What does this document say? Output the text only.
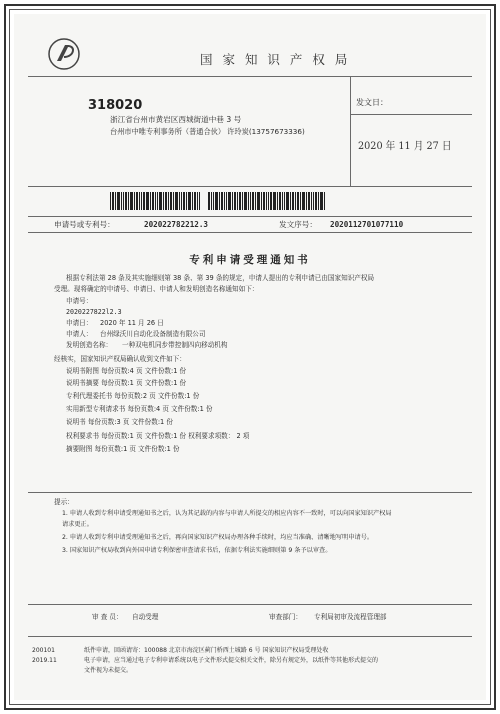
国 家 知 识 产 权 局
318020
浙江省台州市黄岩区西城街道中巷 3 号
台州市中唯专利事务所（普通合伙） 许玲炭(13757673336)
发文日：
2020 年 11 月 27 日
申请号或专利号：	202022782212.3	发文序号： 2020112701077110
专利申请受理通知书
根据专利法第 28 条及其实施细则第 38 条、第 39 条的规定，申请人提出的专利申请已由国家知识产权局
受理。现将确定的申请号、申请日、申请人和发明创造名称通知如下：
申请号：
2020227822l2.3
申请日： 2020 年 11 月 26 日
申请人： 台州绿沃川自动化设备制造有限公司
发明创造名称： 一种双电机同步带控制四向移动机构
经核实，国家知识产权局确认收到文件如下：
说明书附图 每份页数:4 页 文件份数:1 份
说明书摘要 每份页数:1 页 文件份数:1 份
专利代理委托书 每份页数:2 页 文件份数:1 份
实用新型专利请求书 每份页数:4 页 文件份数:1 份
说明书 每份页数:3 页 文件份数:1 份
权利要求书 每份页数:1 页 文件份数:1 份 权利要求项数： 2 项
摘要附图 每份页数:1 页 文件份数:1 份
提示：
1. 申请人收到专利申请受理通知书之后，认为其记载的内容与申请人所提交的相应内容不一致时，可以向国家知识产权局
请求更正。
2. 申请人收到专利申请受理通知书之后，再向国家知识产权局办理各种手续时，均应当准确、清晰地写明申请号。
3. 国家知识产权局收到向外国申请专利保密审查请求书后，依据专利法实施细则第 9 条予以审查。
审 查 员： 自动受理	审查部门： 专利局初审及流程管理部
200101
2019.11
纸件申请，回函请寄：100088 北京市海淀区蓟门桥西土城路 6 号 国家知识产权局受理处收
电子申请，应当通过电子专利申请系统以电子文件形式提交相关文件，除另有规定外，以纸件等其他形式提交的
文件视为未提交。
